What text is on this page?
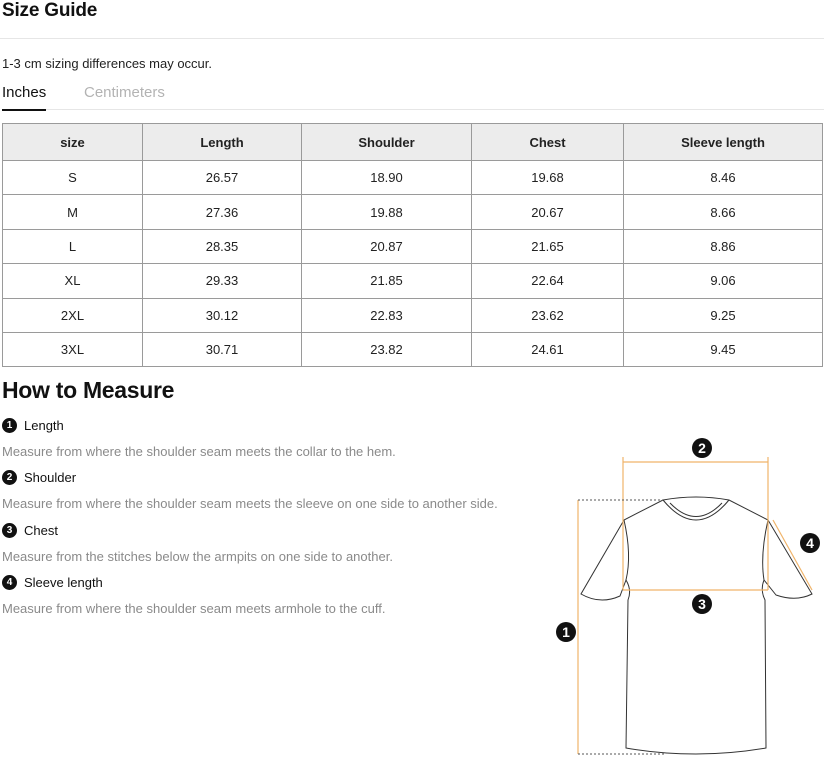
Size Guide
1-3 cm sizing differences may occur.
Inches	Centimeters
size	Length	Shoulder	Chest	Sleeve length
S	26.57	18.90	19.68	8.46
M	27.36	19.88	20.67	8.66
L	28.35	20.87	21.65	8.86
XL	29.33	21.85	22.64	9.06
2XL	30.12	22.83	23.62	9.25
3XL	30.71	23.82	24.61	9.45
How to Measure
1 Length
Measure from where the shoulder seam meets the collar to the hem.
2 Shoulder
Measure from where the shoulder seam meets the sleeve on one side to another side.
3 Chest
Measure from the stitches below the armpits on one side to another.
4 Sleeve length
Measure from where the shoulder seam meets armhole to the cuff.
2
3
1
4
